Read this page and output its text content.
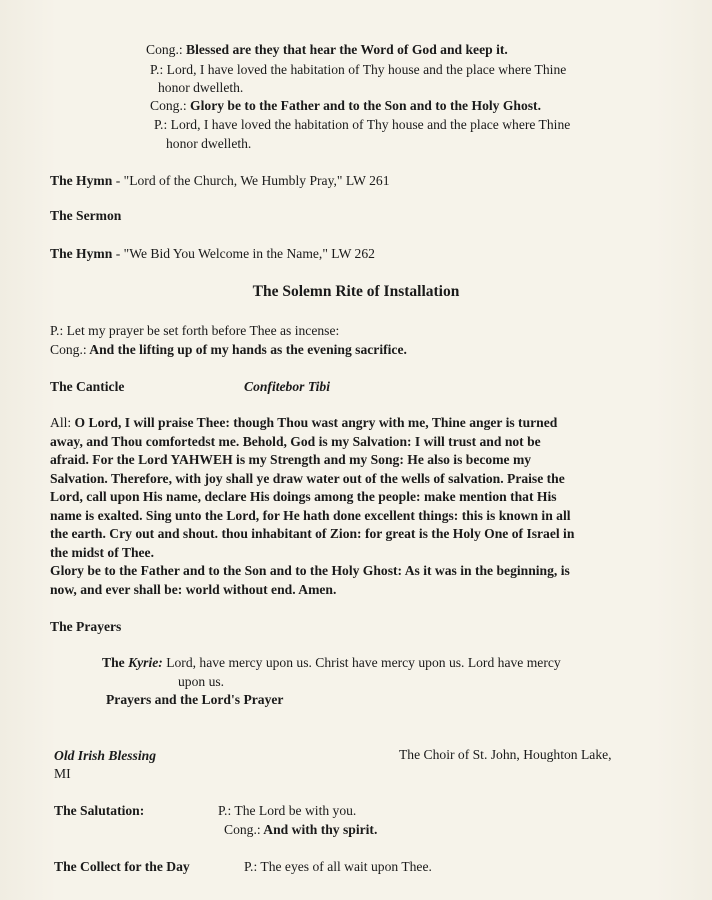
Cong.: Blessed are they that hear the Word of God and keep it.
P.: Lord, I have loved the habitation of Thy house and the place where Thine
honor dwelleth.
Cong.: Glory be to the Father and to the Son and to the Holy Ghost.
P.: Lord, I have loved the habitation of Thy house and the place where Thine
honor dwelleth.
The Hymn - "Lord of the Church, We Humbly Pray," LW 261
The Sermon
The Hymn - "We Bid You Welcome in the Name," LW 262
The Solemn Rite of Installation
P.: Let my prayer be set forth before Thee as incense:
Cong.: And the lifting up of my hands as the evening sacrifice.
The Canticle	Confitebor Tibi
All: O Lord, I will praise Thee: though Thou wast angry with me, Thine anger is turned
away, and Thou comfortedst me. Behold, God is my Salvation: I will trust and not be
afraid. For the Lord YAHWEH is my Strength and my Song: He also is become my
Salvation. Therefore, with joy shall ye draw water out of the wells of salvation. Praise the
Lord, call upon His name, declare His doings among the people: make mention that His
name is exalted. Sing unto the Lord, for He hath done excellent things: this is known in all
the earth. Cry out and shout. thou inhabitant of Zion: for great is the Holy One of Israel in
the midst of Thee.
Glory be to the Father and to the Son and to the Holy Ghost: As it was in the beginning, is
now, and ever shall be: world without end. Amen.
The Prayers
The Kyrie: Lord, have mercy upon us. Christ have mercy upon us. Lord have mercy
upon us.
Prayers and the Lord's Prayer
Old Irish Blessing	The Choir of St. John, Houghton Lake,
MI
The Salutation:	P.: The Lord be with you.
Cong.: And with thy spirit.
The Collect for the Day	P.: The eyes of all wait upon Thee.
